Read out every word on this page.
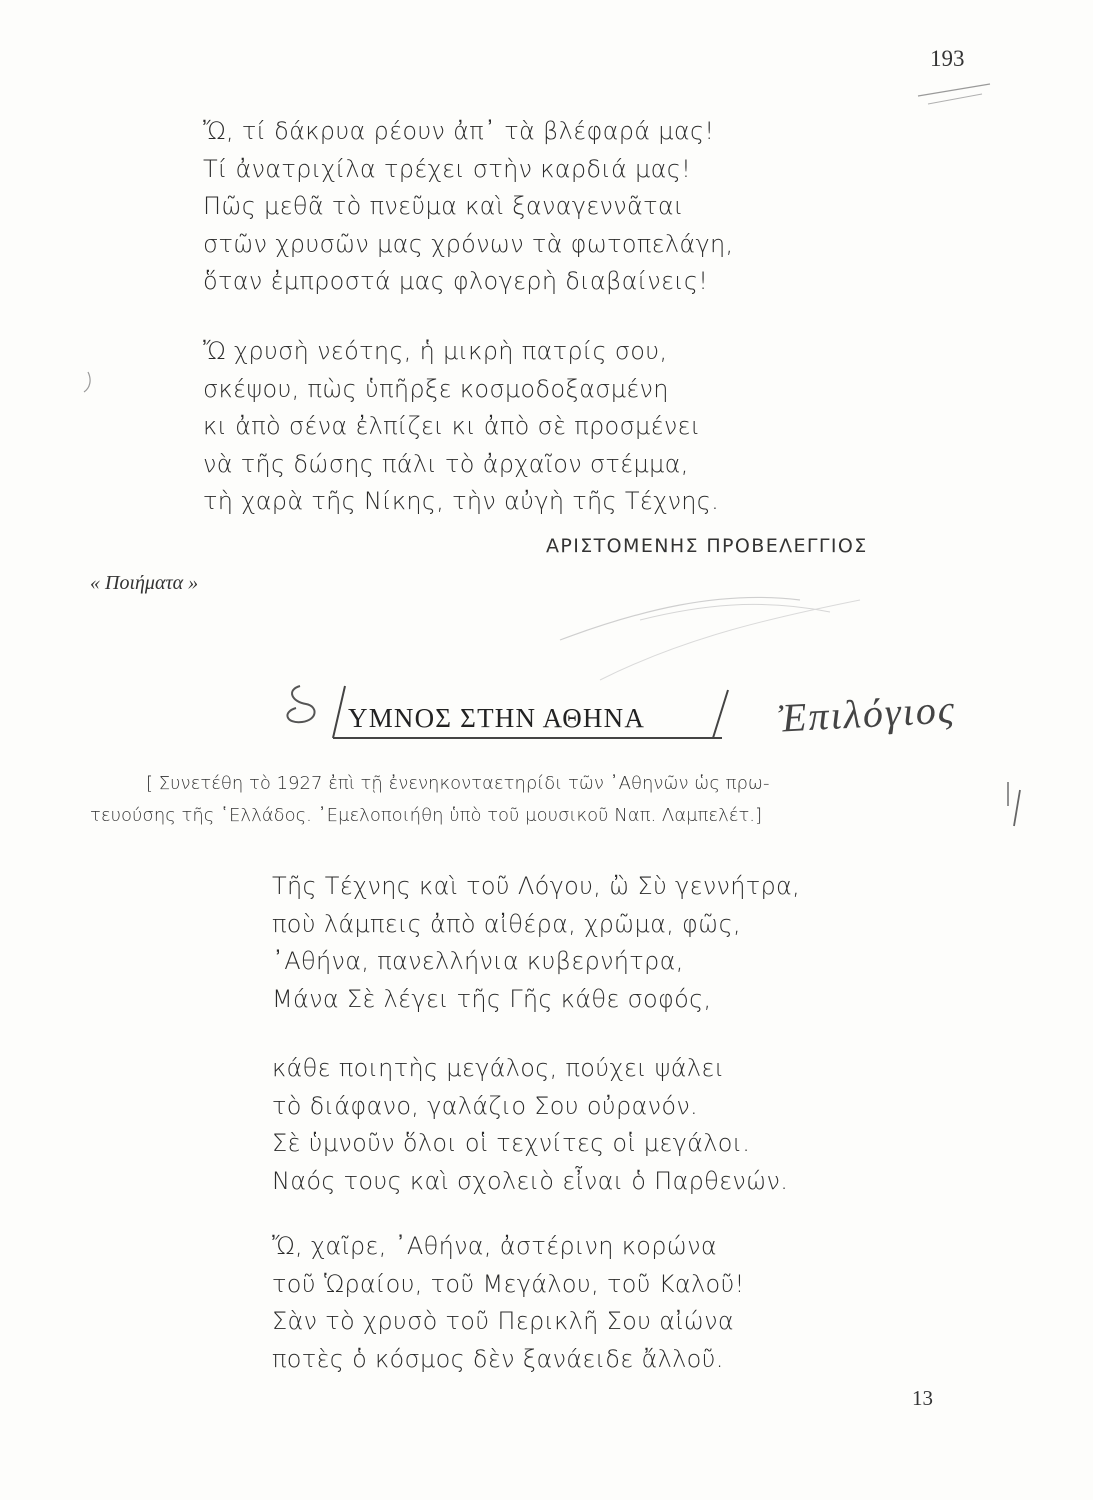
193
Ὤ, τί δάκρυα ρέουν ἀπ᾿ τὰ βλέφαρά μας!
Τί ἀνατριχίλα τρέχει στὴν καρδιά μας!
Πῶς μεθᾶ τὸ πνεῦμα καὶ ξαναγεννᾶται
στῶν χρυσῶν μας χρόνων τὰ φωτοπελάγη,
ὅταν ἐμπροστά μας φλογερὴ διαβαίνεις!
Ὤ χρυσὴ νεότης, ἡ μικρὴ πατρίς σου,
σκέψου, πὼς ὑπῆρξε κοσμοδοξασμένη
κι ἀπὸ σένα ἐλπίζει κι ἀπὸ σὲ προσμένει
νὰ τῆς δώσης πάλι τὸ ἀρχαῖον στέμμα,
τὴ χαρὰ τῆς Νίκης, τὴν αὐγὴ τῆς Τέχνης.
ΑΡΙΣΤΟΜΕΝΗΣ ΠΡΟΒΕΛΕΓΓΙΟΣ
« Ποιήματα »
ΥΜΝΟΣ ΣΤΗΝ ΑΘΗΝΑ	Ἐπιλόγιος
[ Συνετέθη τὸ 1927 ἐπὶ τῇ ἐνενηκονταετηρίδι τῶν ᾿Αθηνῶν ὡς πρω-
τευούσης τῆς ῾Ελλάδος. ᾿Εμελοποιήθη ὑπὸ τοῦ μουσικοῦ Ναπ. Λαμπελέτ.]
Τῆς Τέχνης καὶ τοῦ Λόγου, ὢ Σὺ γεννήτρα,
ποὺ λάμπεις ἀπὸ αἰθέρα, χρῶμα, φῶς,
᾿Αθήνα, πανελλήνια κυβερνήτρα,
Μάνα Σὲ λέγει τῆς Γῆς κάθε σοφός,
κάθε ποιητὴς μεγάλος, πούχει ψάλει
τὸ διάφανο, γαλάζιο Σου οὐρανόν.
Σὲ ὑμνοῦν ὅλοι οἱ τεχνίτες οἱ μεγάλοι.
Ναός τους καὶ σχολειὸ εἶναι ὁ Παρθενών.
Ὤ, χαῖρε, ᾿Αθήνα, ἀστέρινη κορώνα
τοῦ Ὡραίου, τοῦ Μεγάλου, τοῦ Καλοῦ!
Σὰν τὸ χρυσὸ τοῦ Περικλῆ Σου αἰώνα
ποτὲς ὁ κόσμος δὲν ξανάειδε ἄλλοῦ.
13
